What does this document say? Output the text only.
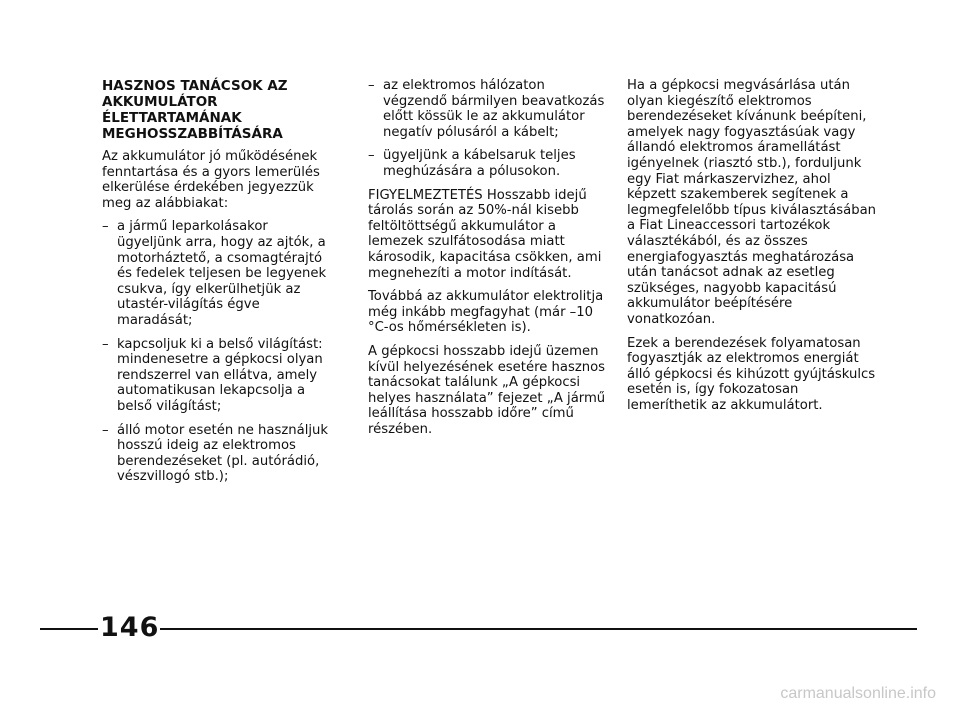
HASZNOS TANÁCSOK AZ AKKUMULÁTOR ÉLETTARTAMÁNAK MEGHOSSZABBÍTÁSÁRA

Az akkumulátor jó működésének fenntartása és a gyors lemerülés elkerülése érdekében jegyezzük meg az alábbiakat:

– a jármű leparkolásakor ügyeljünk arra, hogy az ajtók, a motorháztető, a csomagtérajtó és fedelek teljesen be legyenek csukva, így elkerülhetjük az utastér-világítás égve maradását;
– kapcsoljuk ki a belső világítást: mindenesetre a gépkocsi olyan rendszerrel van ellátva, amely automatikusan lekapcsolja a belső világítást;
– álló motor esetén ne használjuk hosszú ideig az elektromos berendezéseket (pl. autórádió, vészvillogó stb.);
– az elektromos hálózaton végzendő bármilyen beavatkozás előtt kössük le az akkumulátor negatív pólusáról a kábelt;
– ügyeljünk a kábelsaruk teljes meghúzására a pólusokon.

FIGYELMEZTETÉS Hosszabb idejű tárolás során az 50%-nál kisebb feltöltöttségű akkumulátor a lemezek szulfátosodása miatt károsodik, kapacitása csökken, ami megnehezíti a motor indítását.

Továbbá az akkumulátor elektrolitja még inkább megfagyhat (már –10 °C-os hőmérsékleten is).

A gépkocsi hosszabb idejű üzemen kívül helyezésének esetére hasznos tanácsokat találunk „A gépkocsi helyes használata” fejezet „A jármű leállítása hosszabb időre” című részében.

Ha a gépkocsi megvásárlása után olyan kiegészítő elektromos berendezéseket kívánunk beépíteni, amelyek nagy fogyasztásúak vagy állandó elektromos áramellátást igényelnek (riasztó stb.), forduljunk egy Fiat márkaszervizhez, ahol képzett szakemberek segítenek a legmegfelelőbb típus kiválasztásában a Fiat Lineaccessori tartozékok választékából, és az összes energiafogyasztás meghatározása után tanácsot adnak az esetleg szükséges, nagyobb kapacitású akkumulátor beépítésére vonatkozóan.

Ezek a berendezések folyamatosan fogyasztják az elektromos energiát álló gépkocsi és kihúzott gyújtáskulcs esetén is, így fokozatosan lemeríthetik az akkumulátort.

146
carmanualsonline.info
